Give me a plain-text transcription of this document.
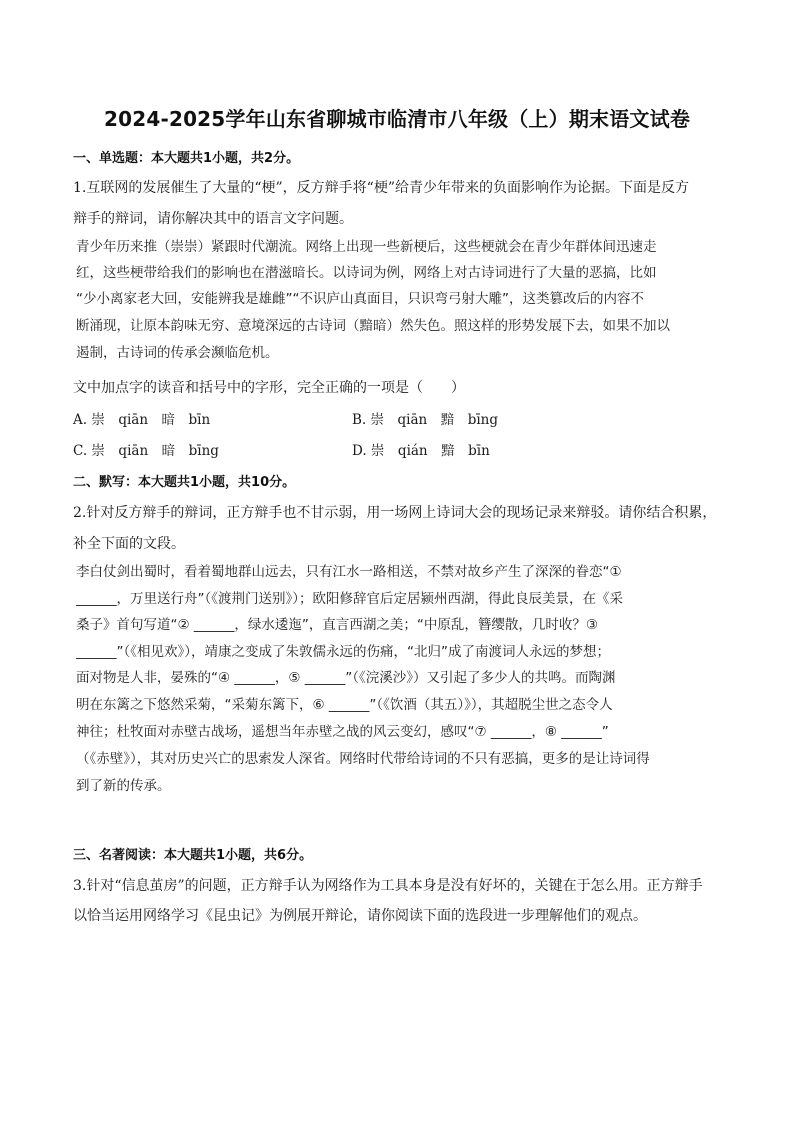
2024-2025学年山东省聊城市临清市八年级（上）期末语文试卷
一、单选题：本大题共1小题，共2分。
1.互联网的发展催生了大量的“梗”，反方辩手将“梗”给青少年带来的负面影响作为论据。下面是反方
辩手的辩词，请你解决其中的语言文字问题。
青少年历来推（崇崇）紧跟时代潮流。网络上出现一些新梗后，这些梗就会在青少年群体间迅速走
红，这些梗带给我们的影响也在潜滋暗长。以诗词为例，网络上对古诗词进行了大量的恶搞，比如
“少小离家老大回，安能辨我是雄雌”“不识庐山真面目，只识弯弓射大雕”，这类篡改后的内容不
断涌现，让原本韵味无穷、意境深远的古诗词（黯暗）然失色。照这样的形势发展下去，如果不加以
遏制，古诗词的传承会濒临危机。
文中加点字的读音和括号中的字形，完全正确的一项是（　　）
A. 崇　qiān　暗　bīn	B. 崇　qiān　黯　bīng
C. 崇　qiān　暗　bīng	D. 崇　qián　黯　bīn
二、默写：本大题共1小题，共10分。
2.针对反方辩手的辩词，正方辩手也不甘示弱，用一场网上诗词大会的现场记录来辩驳。请你结合积累，
补全下面的文段。
李白仗剑出蜀时，看着蜀地群山远去，只有江水一路相送，不禁对故乡产生了深深的眷恋“①
______，万里送行舟”（《渡荆门送别》）；欧阳修辞官后定居颍州西湖，得此良辰美景，在《采
桑子》首句写道“② ______，绿水逶迤”，直言西湖之美；“中原乱，簪缨散，几时收？③
______”（《相见欢》），靖康之变成了朱敦儒永远的伤痛，“北归”成了南渡词人永远的梦想；
面对物是人非，晏殊的“④ ______，⑤ ______”（《浣溪沙》）又引起了多少人的共鸣。而陶渊
明在东篱之下悠然采菊，“采菊东篱下，⑥ ______”（《饮酒（其五）》），其超脱尘世之态令人
神往；杜牧面对赤壁古战场，遥想当年赤壁之战的风云变幻，感叹“⑦ ______，⑧ ______”
（《赤壁》），其对历史兴亡的思索发人深省。网络时代带给诗词的不只有恶搞，更多的是让诗词得
到了新的传承。
三、名著阅读：本大题共1小题，共6分。
3.针对“信息茧房”的问题，正方辩手认为网络作为工具本身是没有好坏的，关键在于怎么用。正方辩手
以恰当运用网络学习《昆虫记》为例展开辩论，请你阅读下面的选段进一步理解他们的观点。
